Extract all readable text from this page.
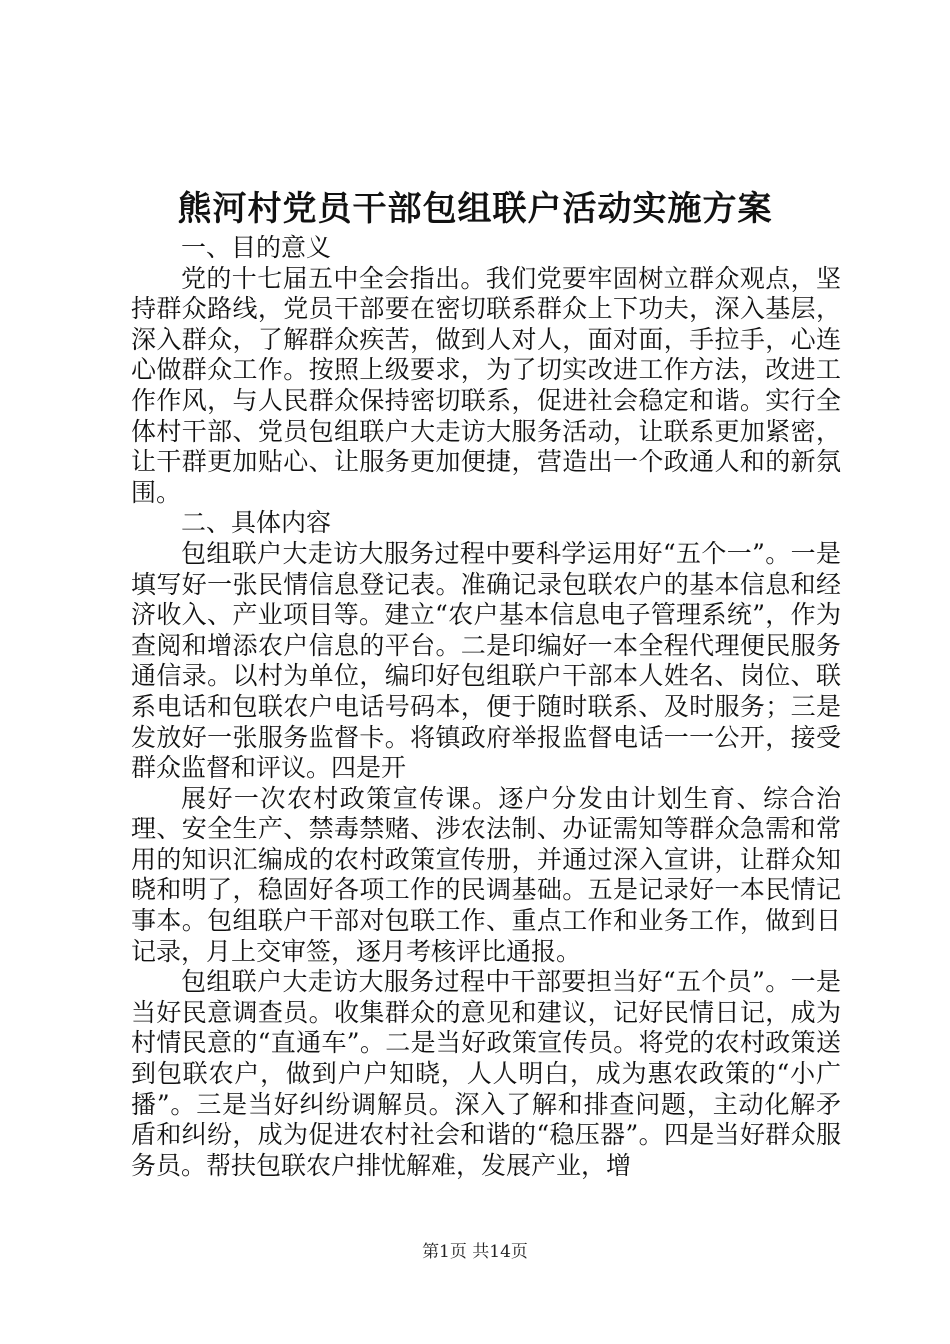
熊河村党员干部包组联户活动实施方案

一、目的意义

党的十七届五中全会指出。我们党要牢固树立群众观点，坚持群众路线，党员干部要在密切联系群众上下功夫，深入基层，深入群众，了解群众疾苦，做到人对人，面对面，手拉手，心连心做群众工作。按照上级要求，为了切实改进工作方法，改进工作作风，与人民群众保持密切联系，促进社会稳定和谐。实行全体村干部、党员包组联户大走访大服务活动，让联系更加紧密，让干群更加贴心、让服务更加便捷，营造出一个政通人和的新氛围。

二、具体内容

包组联户大走访大服务过程中要科学运用好“五个一”。一是填写好一张民情信息登记表。准确记录包联农户的基本信息和经济收入、产业项目等。建立“农户基本信息电子管理系统”，作为查阅和增添农户信息的平台。二是印编好一本全程代理便民服务通信录。以村为单位，编印好包组联户干部本人姓名、岗位、联系电话和包联农户电话号码本，便于随时联系、及时服务；三是发放好一张服务监督卡。将镇政府举报监督电话一一公开，接受群众监督和评议。四是开

展好一次农村政策宣传课。逐户分发由计划生育、综合治理、安全生产、禁毒禁赌、涉农法制、办证需知等群众急需和常用的知识汇编成的农村政策宣传册，并通过深入宣讲，让群众知晓和明了，稳固好各项工作的民调基础。五是记录好一本民情记事本。包组联户干部对包联工作、重点工作和业务工作，做到日记录，月上交审签，逐月考核评比通报。

包组联户大走访大服务过程中干部要担当好“五个员”。一是当好民意调查员。收集群众的意见和建议，记好民情日记，成为村情民意的“直通车”。二是当好政策宣传员。将党的农村政策送到包联农户，做到户户知晓，人人明白，成为惠农政策的“小广播”。三是当好纠纷调解员。深入了解和排查问题，主动化解矛盾和纠纷，成为促进农村社会和谐的“稳压器”。四是当好群众服务员。帮扶包联农户排忧解难，发展产业，增

第1页 共14页
